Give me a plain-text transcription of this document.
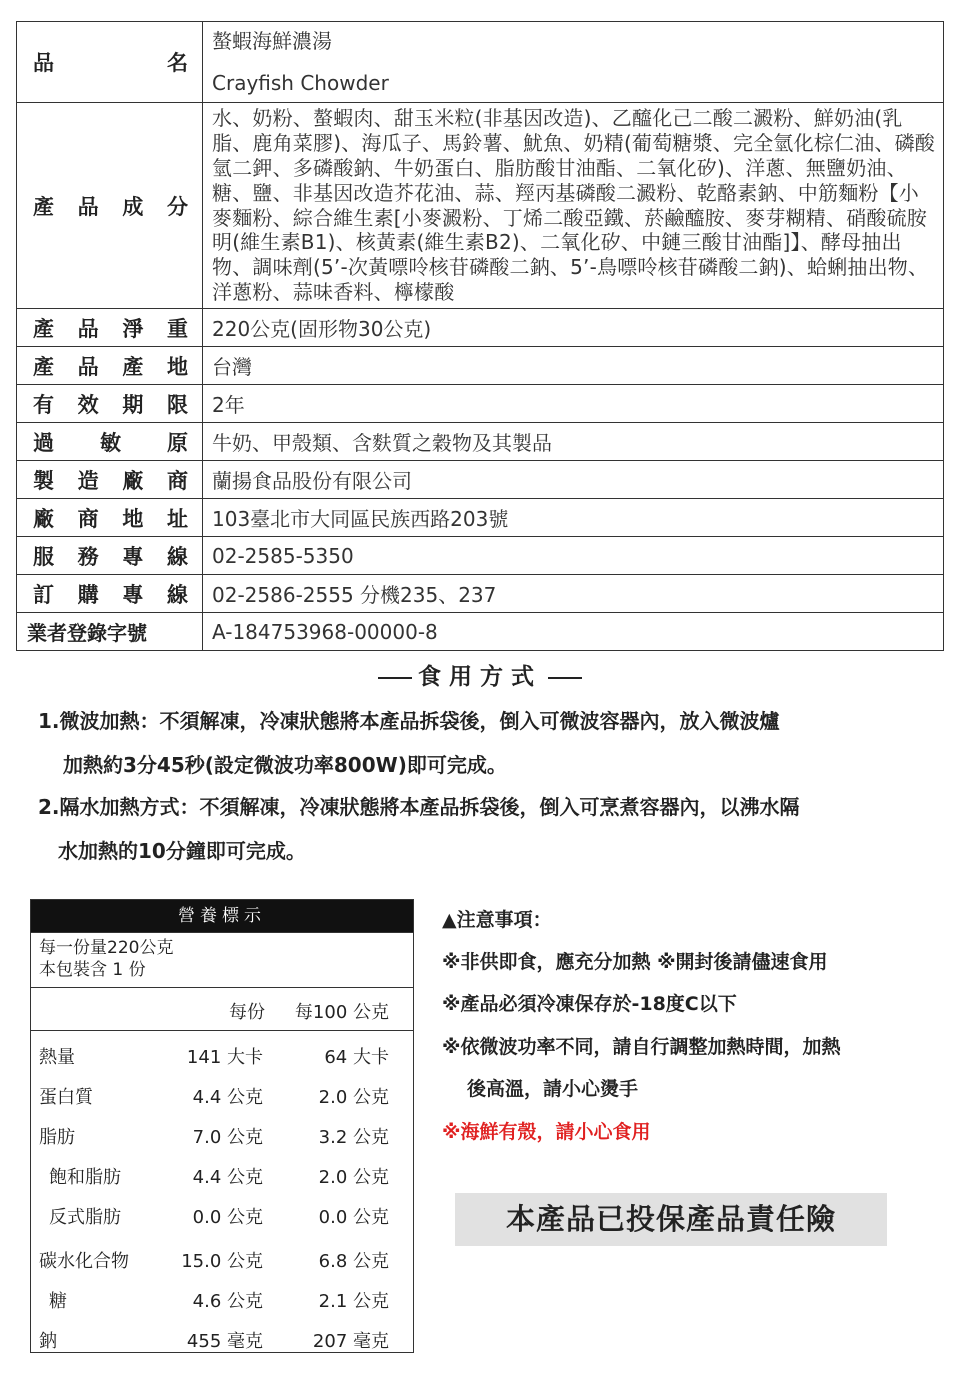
品名	螯蝦海鮮濃湯
Crayfish Chowder

產品成分	水、奶粉、螯蝦肉、甜玉米粒(非基因改造)、乙醯化己二酸二澱粉、鮮奶油(乳脂、鹿角菜膠)、海瓜子、馬鈴薯、魷魚、奶精(葡萄糖漿、完全氫化棕仁油、磷酸氫二鉀、多磷酸鈉、牛奶蛋白、脂肪酸甘油酯、二氧化矽)、洋蔥、無鹽奶油、糖、鹽、非基因改造芥花油、蒜、羥丙基磷酸二澱粉、乾酪素鈉、中筋麵粉【小麥麵粉、綜合維生素[小麥澱粉、丁烯二酸亞鐵、菸鹼醯胺、麥芽糊精、硝酸硫胺明(維生素B1)、核黃素(維生素B2)、二氧化矽、中鏈三酸甘油酯]】、酵母抽出物、調味劑(5’-次黃嘌呤核苷磷酸二鈉、5’-鳥嘌呤核苷磷酸二鈉)、蛤蜊抽出物、洋蔥粉、蒜味香料、檸檬酸
產品淨重	220公克(固形物30公克)
產品產地	台灣
有效期限	2年
過敏原	牛奶、甲殼類、含麩質之穀物及其製品
製造廠商	蘭揚食品股份有限公司
廠商地址	103臺北市大同區民族西路203號
服務專線	02-2585-5350
訂購專線	02-2586-2555 分機235、237
業者登錄字號	A-184753968-00000-8
食用方式
1.微波加熱：不須解凍，冷凍狀態將本產品拆袋後，倒入可微波容器內，放入微波爐
加熱約3分45秒(設定微波功率800W)即可完成。
2.隔水加熱方式：不須解凍，冷凍狀態將本產品拆袋後，倒入可烹煮容器內，以沸水隔
水加熱的10分鐘即可完成。
營養標示
每一份量220公克
本包裝含 1 份
每份 每100 公克
熱量	141 大卡	64 大卡
蛋白質	4.4 公克	2.0 公克
脂肪	7.0 公克	3.2 公克
飽和脂肪	4.4 公克	2.0 公克
反式脂肪	0.0 公克	0.0 公克
碳水化合物	15.0 公克	6.8 公克
糖	4.6 公克	2.1 公克
鈉	455 毫克	207 毫克
▲注意事項：
※非供即食，應充分加熱 ※開封後請儘速食用
※產品必須冷凍保存於-18度C以下
※依微波功率不同，請自行調整加熱時間，加熱
後高溫，請小心燙手
※海鮮有殼，請小心食用
本產品已投保產品責任險
